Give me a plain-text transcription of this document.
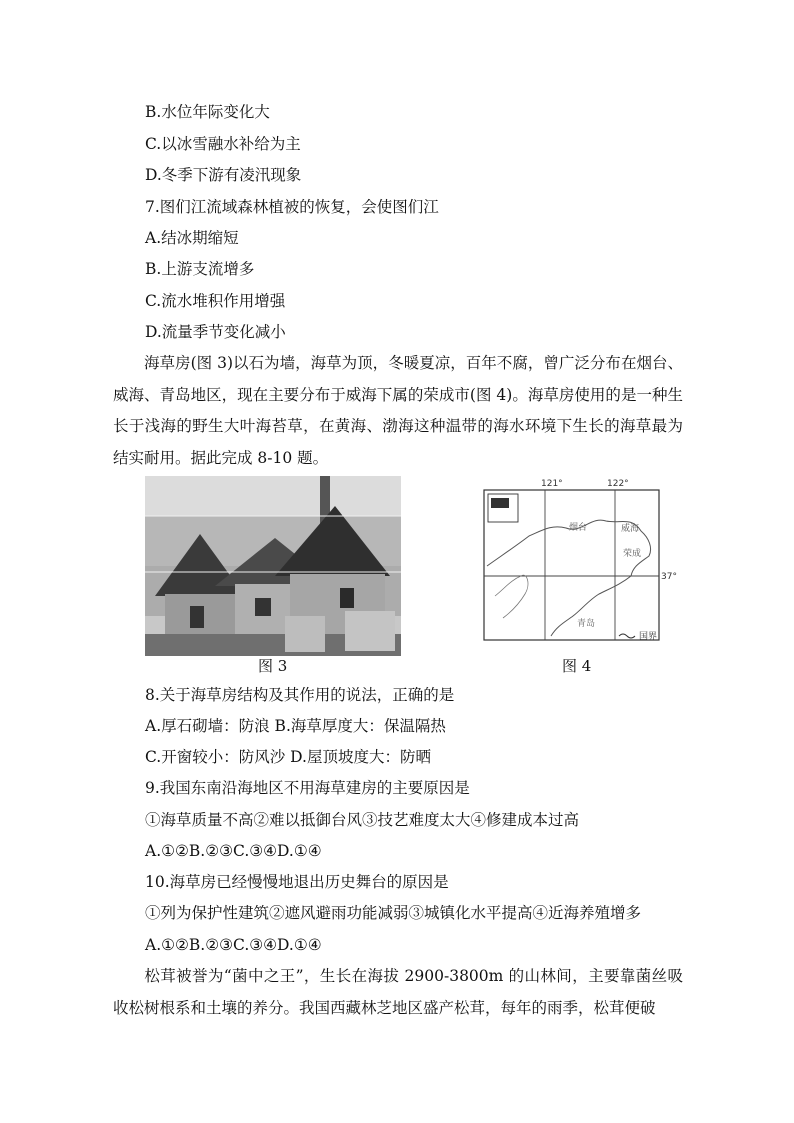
B.水位年际变化大
C.以冰雪融水补给为主
D.冬季下游有凌汛现象
7.图们江流域森林植被的恢复，会使图们江
A.结冰期缩短
B.上游支流增多
C.流水堆积作用增强
D.流量季节变化减小
海草房(图 3)以石为墙，海草为顶，冬暖夏凉，百年不腐，曾广泛分布在烟台、威海、青岛地区，现在主要分布于威海下属的荣成市(图 4)。海草房使用的是一种生长于浅海的野生大叶海苔草，在黄海、渤海这种温带的海水环境下生长的海草最为结实耐用。据此完成 8-10 题。
图 3
121°	122°
37°
烟台	威海
荣成
青岛
国界
图 4
8.关于海草房结构及其作用的说法，正确的是
A.厚石砌墙：防浪 B.海草厚度大：保温隔热
C.开窗较小：防风沙 D.屋顶坡度大：防晒
9.我国东南沿海地区不用海草建房的主要原因是
①海草质量不高②难以抵御台风③技艺难度太大④修建成本过高
A.①②B.②③C.③④D.①④
10.海草房已经慢慢地退出历史舞台的原因是
①列为保护性建筑②遮风避雨功能减弱③城镇化水平提高④近海养殖增多
A.①②B.②③C.③④D.①④
松茸被誉为“菌中之王”，生长在海拔 2900-3800m 的山林间，主要靠菌丝吸收松树根系和土壤的养分。我国西藏林芝地区盛产松茸，每年的雨季，松茸便破
